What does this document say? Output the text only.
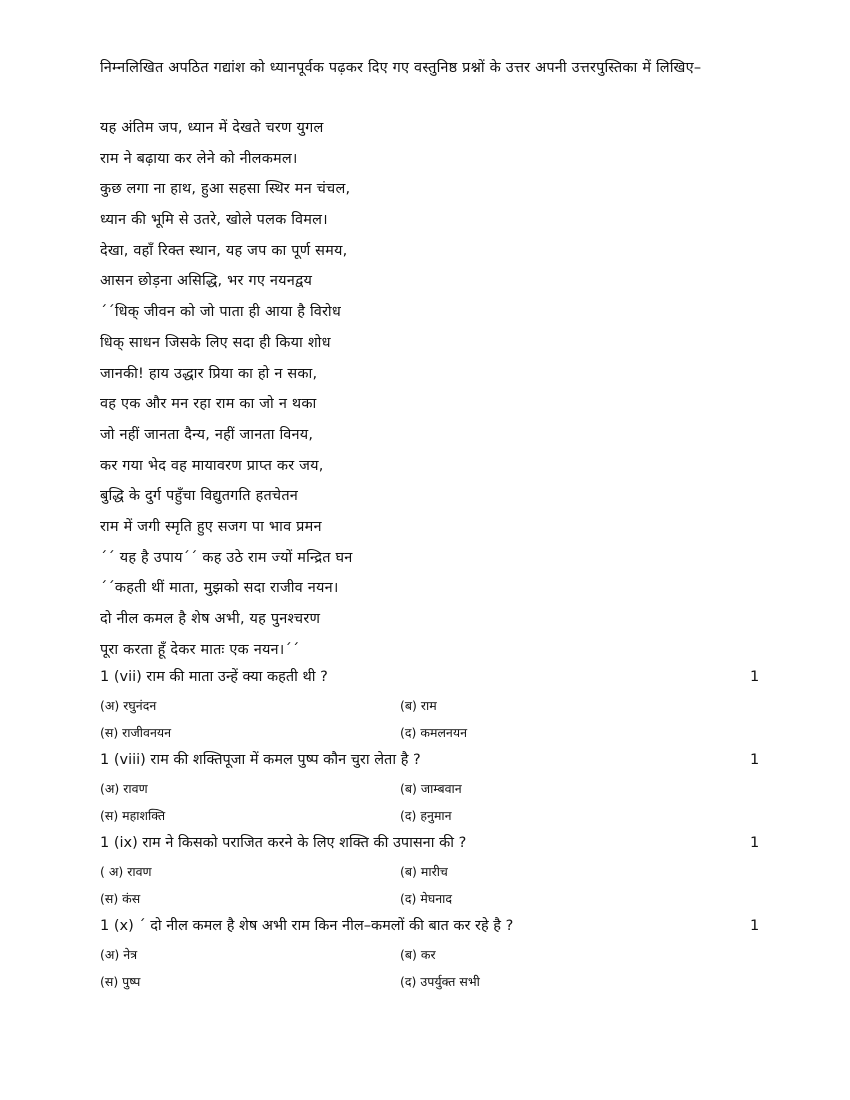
निम्नलिखित अपठित गद्यांश को ध्यानपूर्वक पढ़कर दिए गए वस्तुनिष्ठ प्रश्नों के उत्तर अपनी उत्तरपुस्तिका में लिखिए–
यह अंतिम जप, ध्यान में देखते चरण युगल
राम ने बढ़ाया कर लेने को नीलकमल।
कुछ लगा ना हाथ, हुआ सहसा स्थिर मन चंचल,
ध्यान की भूमि से उतरे, खोले पलक विमल।
देखा, वहाँ रिक्त स्थान, यह जप का पूर्ण समय,
आसन छोड़ना असिद्धि, भर गए नयनद्वय
´´धिक् जीवन को जो पाता ही आया है विरोध
धिक् साधन जिसके लिए सदा ही किया शोध
जानकी! हाय उद्धार प्रिया का हो न सका,
वह एक और मन रहा राम का जो न थका
जो नहीं जानता दैन्य, नहीं जानता विनय,
कर गया भेद वह मायावरण प्राप्त कर जय,
बुद्धि के दुर्ग पहुँचा विद्युतगति हतचेतन
राम में जगी स्मृति हुए सजग पा भाव प्रमन
´´ यह है उपाय´´ कह उठे राम ज्यों मन्द्रित घन
´´कहती थीं माता, मुझको सदा राजीव नयन।
दो नील कमल है शेष अभी, यह पुनश्चरण
पूरा करता हूँ देकर मातः एक नयन।´´
1 (vii) राम की माता उन्हें क्या कहती थी ?	1
(अ) रघुनंदन	(ब) राम
(स) राजीवनयन	(द) कमलनयन
1 (viii) राम की शक्तिपूजा में कमल पुष्प कौन चुरा लेता है ?	1
(अ) रावण	(ब) जाम्बवान
(स) महाशक्ति	(द) हनुमान
1 (ix) राम ने किसको पराजित करने के लिए शक्ति की उपासना की ?	1
( अ) रावण	(ब) मारीच
(स) कंस	(द) मेघनाद
1 (x) ´ दो नील कमल है शेष अभी राम किन नील–कमलों की बात कर रहे है ?	1
(अ) नेत्र	(ब) कर
(स) पुष्प	(द) उपर्युक्त सभी
